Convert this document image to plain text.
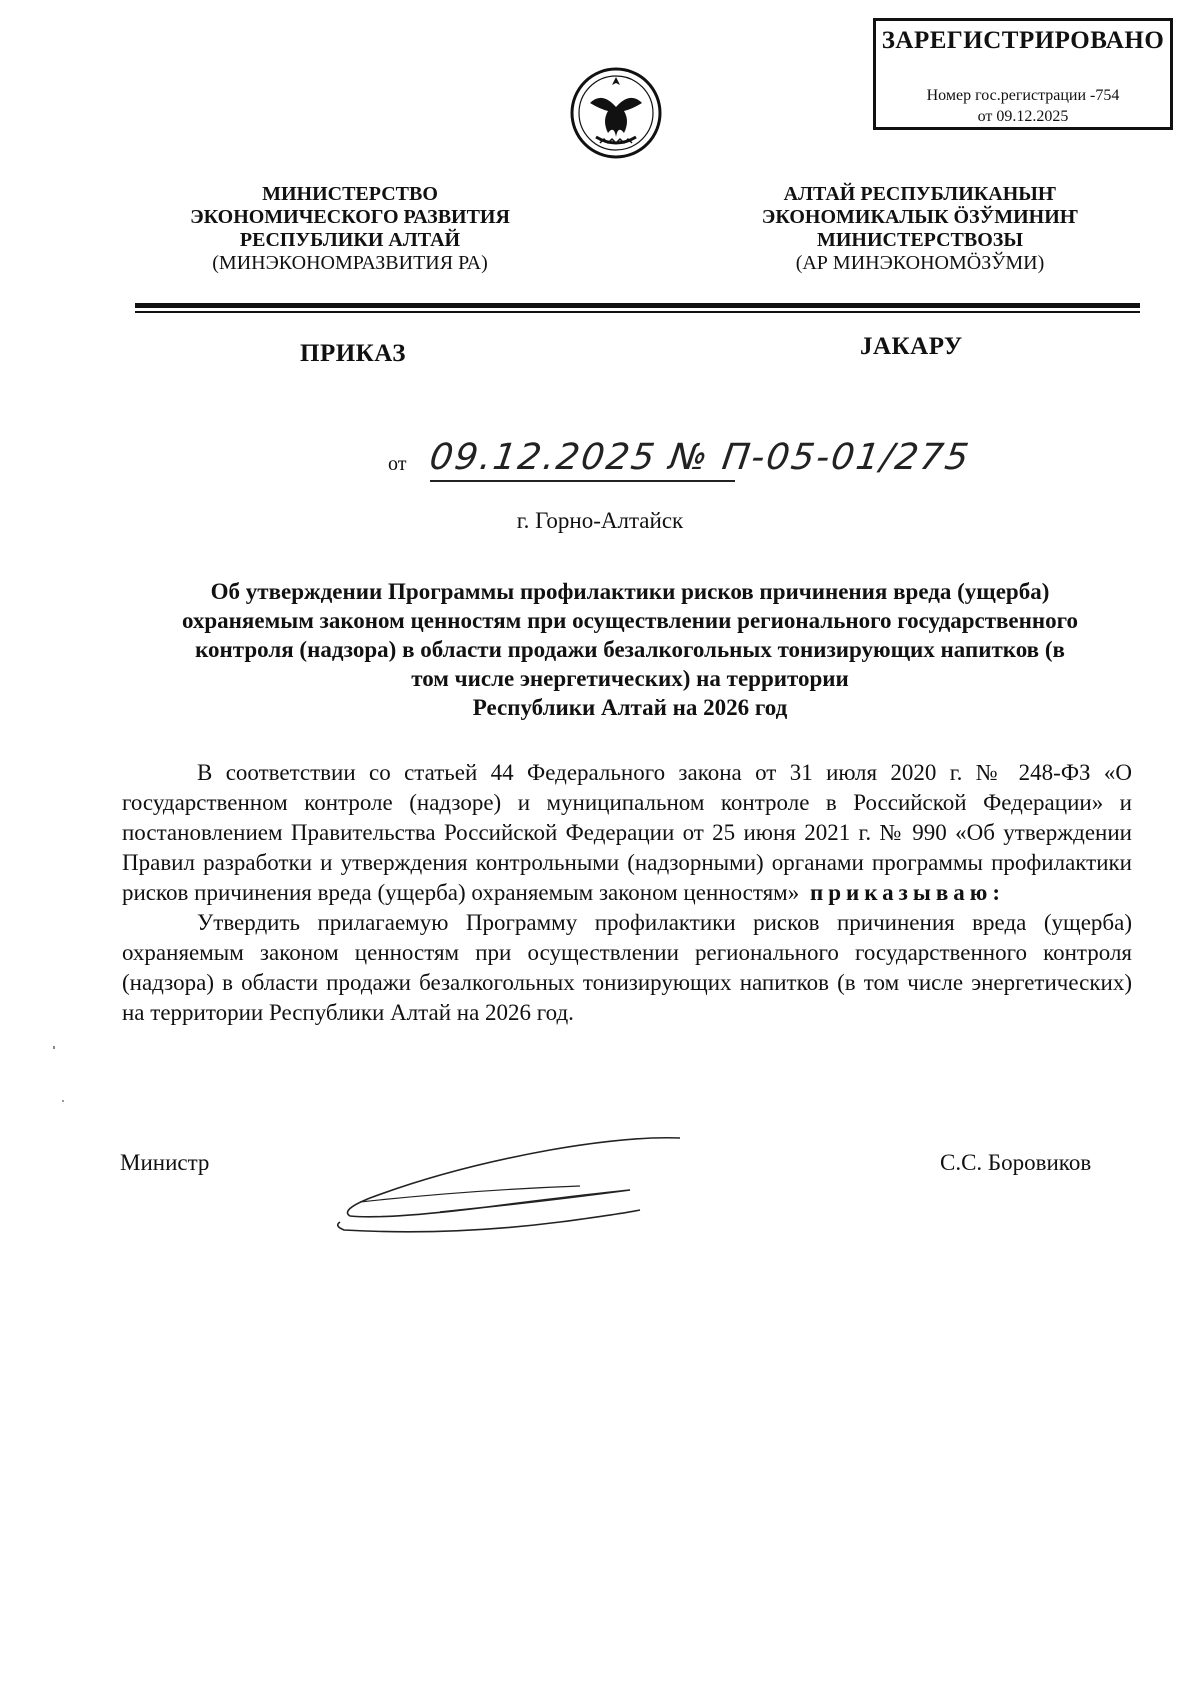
ЗАРЕГИСТРИРОВАНО
Номер гос.регистрации -754
от 09.12.2025
МИНИСТЕРСТВО
ЭКОНОМИЧЕСКОГО РАЗВИТИЯ
РЕСПУБЛИКИ АЛТАЙ
(МИНЭКОНОМРАЗВИТИЯ РА)
АЛТАЙ РЕСПУБЛИКАНЫҤ
ЭКОНОМИКАЛЫК ÖЗЎМИНИҤ
МИНИСТЕРСТВОЗЫ
(АР МИНЭКОНОМÖЗЎМИ)
ПРИКАЗ	ЈАКАРУ
от 09.12.2025 № П-05-01/275
г. Горно-Алтайск
Об утверждении Программы профилактики рисков причинения вреда (ущерба)
охраняемым законом ценностям при осуществлении регионального государственного
контроля (надзора) в области продажи безалкогольных тонизирующих напитков (в
том числе энергетических) на территории
Республики Алтай на 2026 год

В соответствии со статьей 44 Федерального закона от 31 июля 2020 г. № 248-ФЗ «О государственном контроле (надзоре) и муниципальном контроле в Российской Федерации» и постановлением Правительства Российской Федерации от 25 июня 2021 г. № 990 «Об утверждении Правил разработки и утверждения контрольными (надзорными) органами программы профилактики рисков причинения вреда (ущерба) охраняемым законом ценностям» приказываю:

Утвердить прилагаемую Программу профилактики рисков причинения вреда (ущерба) охраняемым законом ценностям при осуществлении регионального государственного контроля (надзора) в области продажи безалкогольных тонизирующих напитков (в том числе энергетических) на территории Республики Алтай на 2026 год.

Министр	С.С. Боровиков
